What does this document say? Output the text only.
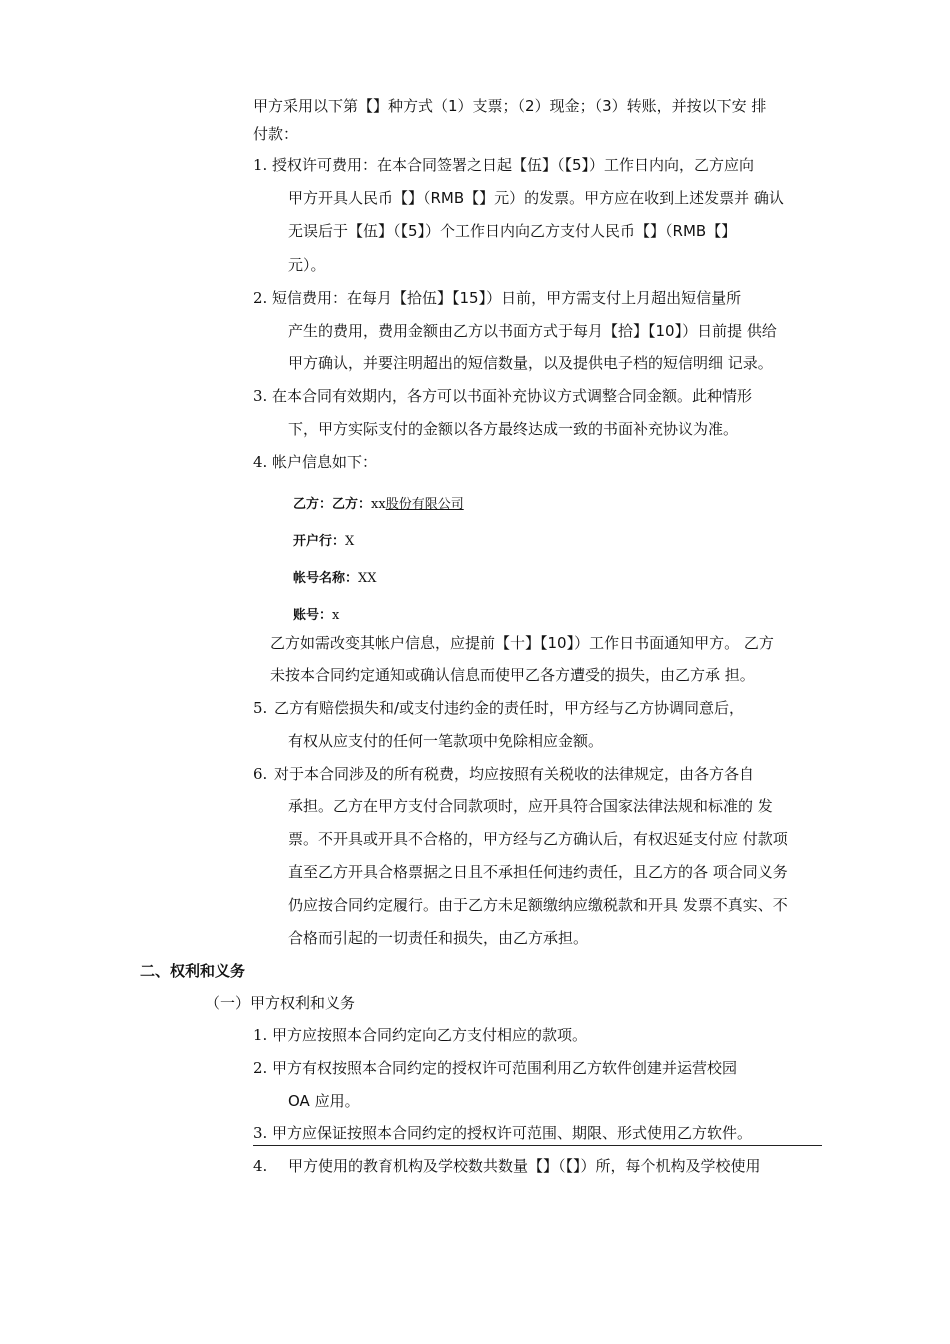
甲方采用以下第【】种方式（1）支票；（2）现金；（3）转账，并按以下安 排
付款：
1. 授权许可费用：在本合同签署之日起【伍】（【5】）工作日内向，乙方应向
甲方开具人民币【】（RMB【】元）的发票。甲方应在收到上述发票并 确认
无误后于【伍】（【5】）个工作日内向乙方支付人民币【】（RMB【】
元）。
2. 短信费用：在每月【拾伍】【15】）日前，甲方需支付上月超出短信量所
产生的费用，费用金额由乙方以书面方式于每月【拾】【10】）日前提 供给
甲方确认，并要注明超出的短信数量，以及提供电子档的短信明细 记录。
3. 在本合同有效期内，各方可以书面补充协议方式调整合同金额。此种情形
下，甲方实际支付的金额以各方最终达成一致的书面补充协议为准。
4. 帐户信息如下：
乙方：乙方：xx股份有限公司
开户行：X
帐号名称：XX
账号：x
乙方如需改变其帐户信息，应提前【十】【10】）工作日书面通知甲方。 乙方
未按本合同约定通知或确认信息而使甲乙各方遭受的损失，由乙方承 担。
5. 乙方有赔偿损失和/或支付违约金的责任时，甲方经与乙方协调同意后，
有权从应支付的任何一笔款项中免除相应金额。
6. 对于本合同涉及的所有税费，均应按照有关税收的法律规定，由各方各自
承担。乙方在甲方支付合同款项时，应开具符合国家法律法规和标准的 发
票。不开具或开具不合格的，甲方经与乙方确认后，有权迟延支付应 付款项
直至乙方开具合格票据之日且不承担任何违约责任，且乙方的各 项合同义务
仍应按合同约定履行。由于乙方未足额缴纳应缴税款和开具 发票不真实、不
合格而引起的一切责任和损失，由乙方承担。
二、权利和义务
（一）甲方权利和义务
1. 甲方应按照本合同约定向乙方支付相应的款项。
2. 甲方有权按照本合同约定的授权许可范围利用乙方软件创建并运营校园
OA 应用。
3. 甲方应保证按照本合同约定的授权许可范围、期限、形式使用乙方软件。
4. 甲方使用的教育机构及学校数共数量【】（【】）所，每个机构及学校使用
